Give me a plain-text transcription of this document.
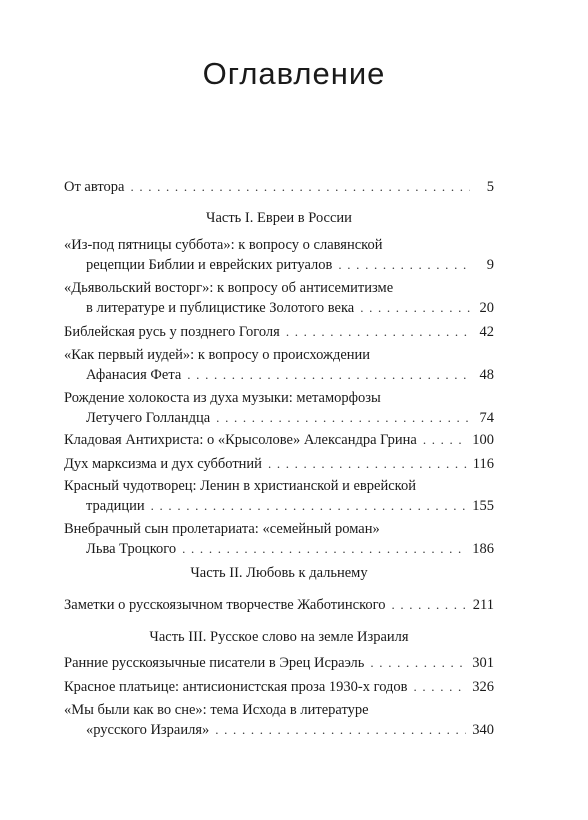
Оглавление
От автора . . .	5
Часть I. Евреи в России
«Из-под пятницы суббота»: к вопросу о славянской
рецепции Библии и еврейских ритуалов . . .	9
«Дьявольский восторг»: к вопросу об антисемитизме
в литературе и публицистике Золотого века . . .	20
Библейская русь у позднего Гоголя . . .	42
«Как первый иудей»: к вопросу о происхождении
Афанасия Фета . . .	48
Рождение холокоста из духа музыки: метаморфозы
Летучего Голландца . . .	74
Кладовая Антихриста: о «Крысолове» Александра Грина . . .	100
Дух марксизма и дух субботний . . .	116
Красный чудотворец: Ленин в христианской и еврейской
традиции . . .	155
Внебрачный сын пролетариата: «семейный роман»
Льва Троцкого . . .	186
Часть II. Любовь к дальнему
Заметки о русскоязычном творчестве Жаботинского . . .	211
Часть III. Русское слово на земле Израиля
Ранние русскоязычные писатели в Эрец Исраэль . . .	301
Красное платьице: антисионистская проза 1930-х годов . . .	326
«Мы были как во сне»: тема Исхода в литературе
«русского Израиля» . . .	340
